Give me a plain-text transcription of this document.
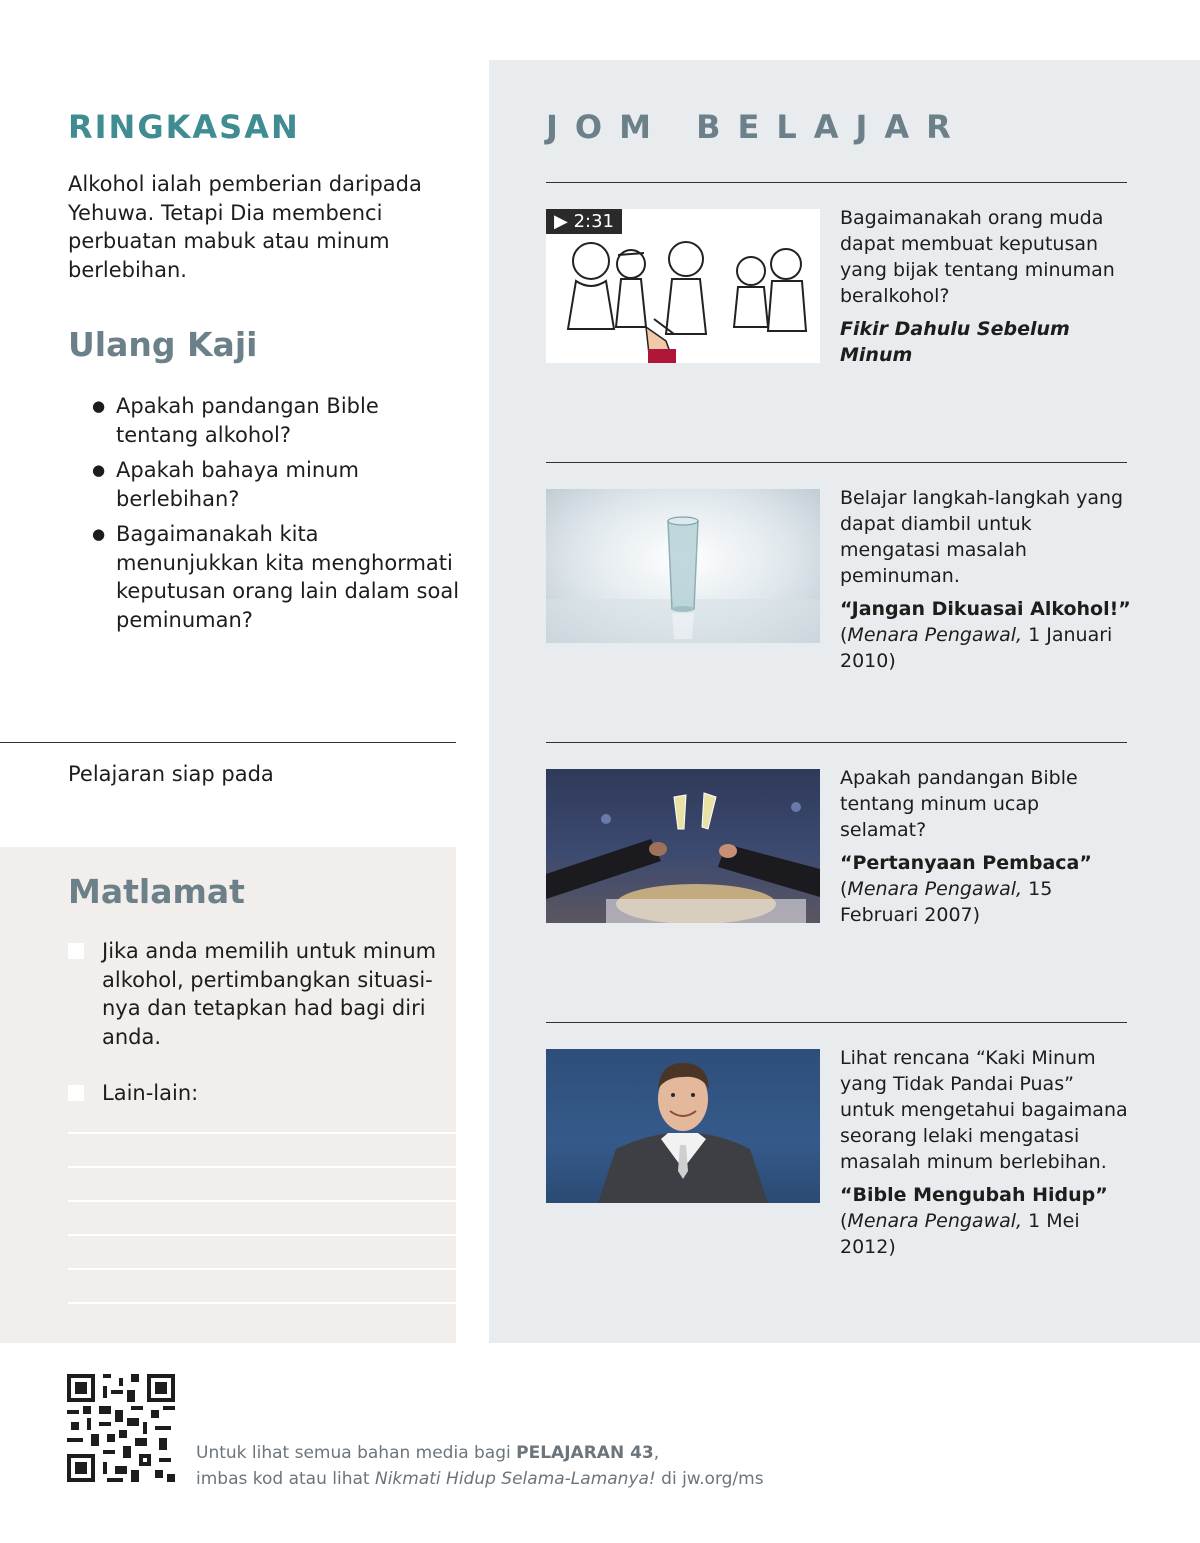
RINGKASAN

Alkohol ialah pemberian daripada Yehuwa. Tetapi Dia membenci perbuatan mabuk atau minum berlebihan.

Ulang Kaji
● Apakah pandangan Bible tentang alkohol?
● Apakah bahaya minum berlebihan?
● Bagaimanakah kita menunjukkan kita menghormati keputusan orang lain dalam soal peminuman?
Pelajaran siap pada
Matlamat
Jika anda memilih untuk minum alkohol, pertimbangkan situasi-nya dan tetapkan had bagi diri anda.
Lain-lain:
JOM BELAJAR
▶ 2:31	Bagaimanakah orang muda dapat membuat keputusan yang bijak tentang minuman beralkohol?
Fikir Dahulu Sebelum Minum
Belajar langkah-langkah yang dapat diambil untuk mengatasi masalah peminuman.
“Jangan Dikuasai Alkohol!”
(Menara Pengawal, 1 Januari 2010)
Apakah pandangan Bible tentang minum ucap selamat?
“Pertanyaan Pembaca”
(Menara Pengawal, 15 Februari 2007)
Lihat rencana “Kaki Minum yang Tidak Pandai Puas” untuk mengetahui bagaimana seorang lelaki mengatasi masalah minum berlebihan.
“Bible Mengubah Hidup”
(Menara Pengawal, 1 Mei 2012)
Untuk lihat semua bahan media bagi PELAJARAN 43,
imbas kod atau lihat Nikmati Hidup Selama-Lamanya! di jw.org/ms
